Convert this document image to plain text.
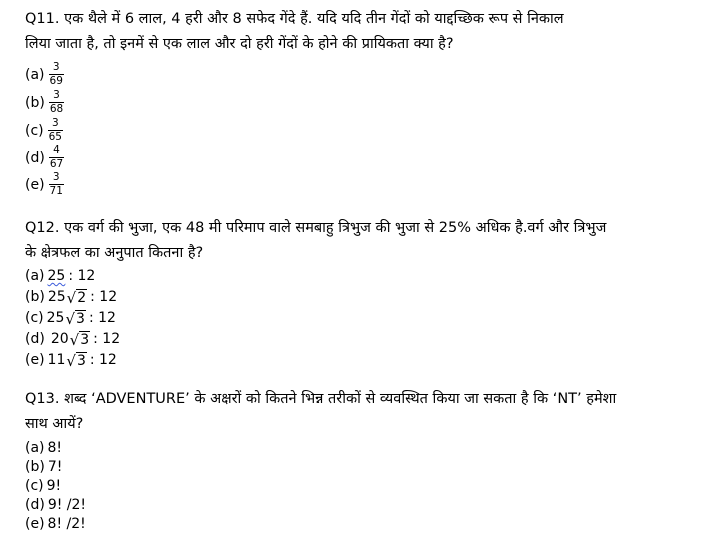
Q11. एक थैले में 6 लाल, 4 हरी और 8 सफेद गेंदे हैं. यदि यदि तीन गेंदों को याद्दच्छिक रूप से निकाल
लिया जाता है, तो इनमें से एक लाल और दो हरी गेंदों के होने की प्रायिकता क्या है?

$(a) \frac{3}{69}$
$(b) \frac{3}{68}$
$(c) \frac{3}{65}$
$(d) \frac{4}{67}$
$(e) \frac{3}{71}$

Q12. एक वर्ग की भुजा, एक 48 मी परिमाप वाले समबाहु त्रिभुज की भुजा से 25% अधिक है.वर्ग और त्रिभुज
के क्षेत्रफल का अनुपात कितना है?

(a) 25 : 12
(b) 25 √ 2 : 12
(c) 25 √ 3 : 12
(d) 20 √ 3 : 12
(e) 11 √ 3 : 12

Q13. शब्द ‘ADVENTURE’ के अक्षरों को कितने भिन्न तरीकों से व्यवस्थित किया जा सकता है कि ‘NT’ हमेशा
साथ आयें?

(a) 8!
(b) 7!
(c) 9!
(d) 9! /2!
(e) 8! /2!
